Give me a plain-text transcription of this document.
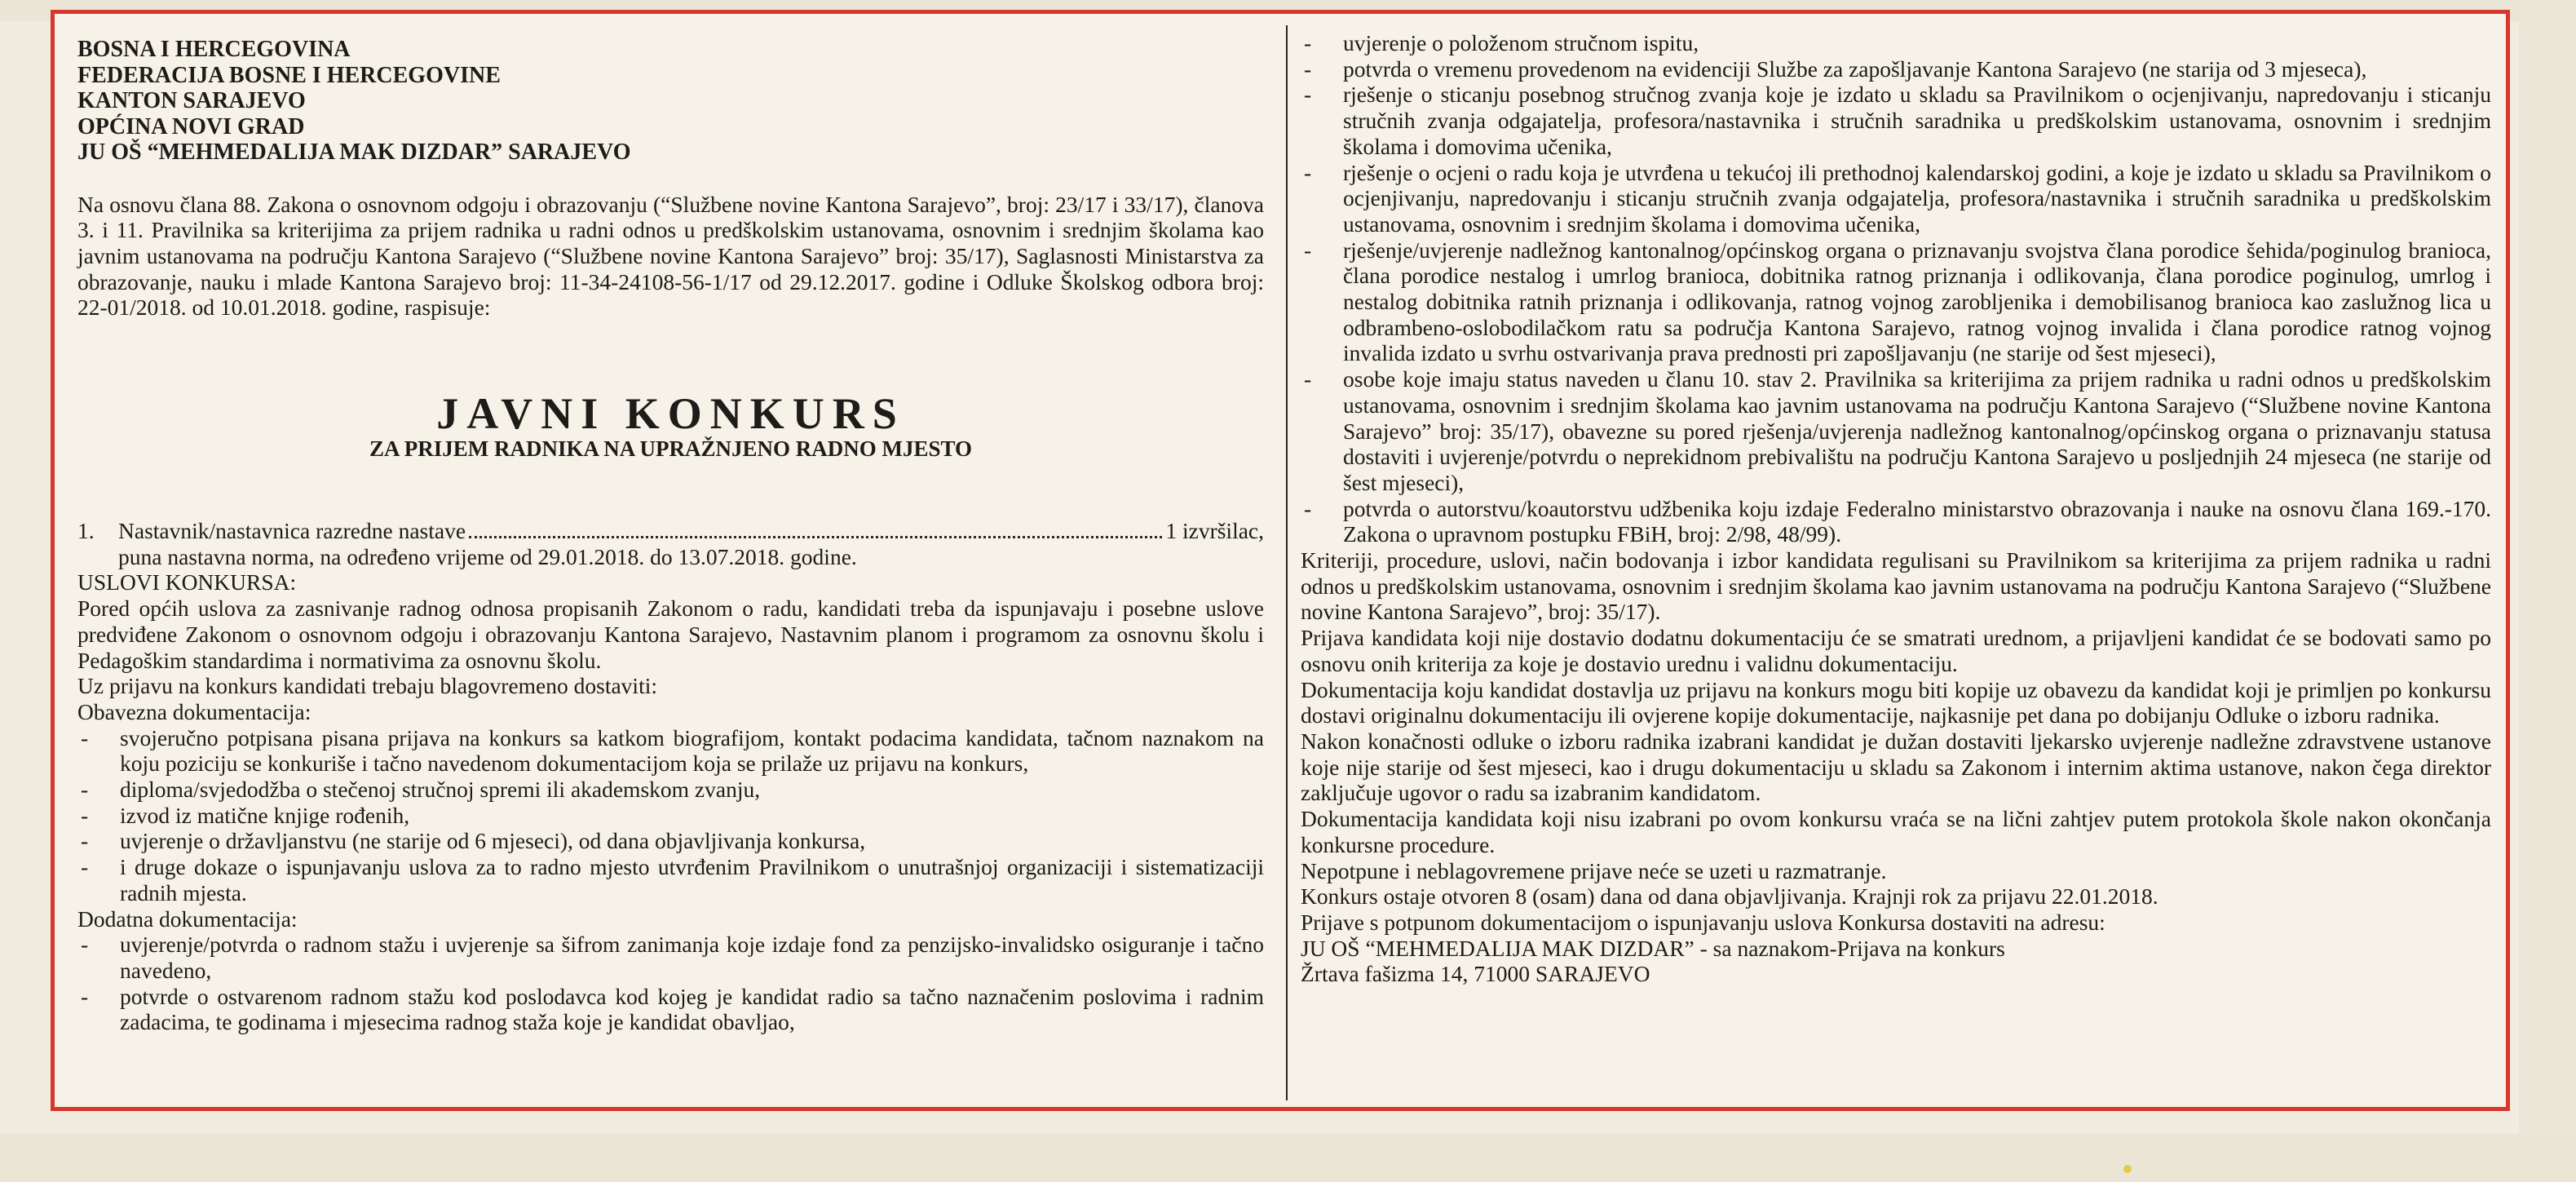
BOSNA I HERCEGOVINA

FEDERACIJA BOSNE I HERCEGOVINE

KANTON SARAJEVO

OPĆINA NOVI GRAD

JU OŠ “MEHMEDALIJA MAK DIZDAR” SARAJEVO

Na osnovu člana 88. Zakona o osnovnom odgoju i obrazovanju (“Službene novine Kantona Sarajevo”, broj: 23/17 i 33/17), članova 3. i 11. Pravilnika sa kriterijima za prijem radnika u radni odnos u predškolskim ustanovama, osnovnim i srednjim školama kao javnim ustanovama na području Kantona Sarajevo (“Službene novine Kantona Sarajevo” broj: 35/17), Saglasnosti Ministarstva za obrazovanje, nauku i mlade Kantona Sarajevo broj: 11-34-24108-56-1/17 od 29.12.2017. godine i Odluke Školskog odbora broj: 22-01/2018. od 10.01.2018. godine, raspisuje:

JAVNI KONKURS

ZA PRIJEM RADNIKA NA UPRAŽNJENO RADNO MJESTO

1.	Nastavnik/nastavnica razredne nastave	1 izvršilac,

puna nastavna norma, na određeno vrijeme od 29.01.2018. do 13.07.2018. godine.

USLOVI KONKURSA:

Pored općih uslova za zasnivanje radnog odnosa propisanih Zakonom o radu, kandidati treba da ispunjavaju i posebne uslove predviđene Zakonom o osnovnom odgoju i obrazovanju Kantona Sarajevo, Nastavnim planom i programom za osnovnu školu i Pedagoškim standardima i normativima za osnovnu školu.

Uz prijavu na konkurs kandidati trebaju blagovremeno dostaviti:

Obavezna dokumentacija:

- svojeručno potpisana pisana prijava na konkurs sa katkom biografijom, kontakt podacima kandidata, tačnom naznakom na koju poziciju se konkuriše i tačno navedenom dokumentacijom koja se prilaže uz prijavu na konkurs,
- diploma/svjedodžba o stečenoj stručnoj spremi ili akademskom zvanju,
- izvod iz matične knjige rođenih,
- uvjerenje o državljanstvu (ne starije od 6 mjeseci), od dana objavljivanja konkursa,
- i druge dokaze o ispunjavanju uslova za to radno mjesto utvrđenim Pravilnikom o unutrašnjoj organizaciji i sistematizaciji radnih mjesta.

Dodatna dokumentacija:

- uvjerenje/potvrda o radnom stažu i uvjerenje sa šifrom zanimanja koje izdaje fond za penzijsko-invalidsko osiguranje i tačno navedeno,
- potvrde o ostvarenom radnom stažu kod poslodavca kod kojeg je kandidat radio sa tačno naznačenim poslovima i radnim zadacima, te godinama i mjesecima radnog staža koje je kandidat obavljao,
- uvjerenje o položenom stručnom ispitu,
- potvrda o vremenu provedenom na evidenciji Službe za zapošljavanje Kantona Sarajevo (ne starija od 3 mjeseca),
- rješenje o sticanju posebnog stručnog zvanja koje je izdato u skladu sa Pravilnikom o ocjenjivanju, napredovanju i sticanju stručnih zvanja odgajatelja, profesora/nastavnika i stručnih saradnika u predškolskim ustanovama, osnovnim i srednjim školama i domovima učenika,
- rješenje o ocjeni o radu koja je utvrđena u tekućoj ili prethodnoj kalendarskoj godini, a koje je izdato u skladu sa Pravilnikom o ocjenjivanju, napredovanju i sticanju stručnih zvanja odgajatelja, profesora/nastavnika i stručnih saradnika u predškolskim ustanovama, osnovnim i srednjim školama i domovima učenika,
- rješenje/uvjerenje nadležnog kantonalnog/općinskog organa o priznavanju svojstva člana porodice šehida/poginulog branioca, člana porodice nestalog i umrlog branioca, dobitnika ratnog priznanja i odlikovanja, člana porodice poginulog, umrlog i nestalog dobitnika ratnih priznanja i odlikovanja, ratnog vojnog zarobljenika i demobilisanog branioca kao zaslužnog lica u odbrambeno-oslobodilačkom ratu sa područja Kantona Sarajevo, ratnog vojnog invalida i člana porodice ratnog vojnog invalida izdato u svrhu ostvarivanja prava prednosti pri zapošljavanju (ne starije od šest mjeseci),
- osobe koje imaju status naveden u članu 10. stav 2. Pravilnika sa kriterijima za prijem radnika u radni odnos u predškolskim ustanovama, osnovnim i srednjim školama kao javnim ustanovama na području Kantona Sarajevo (“Službene novine Kantona Sarajevo” broj: 35/17), obavezne su pored rješenja/uvjerenja nadležnog kantonalnog/općinskog organa o priznavanju statusa dostaviti i uvjerenje/potvrdu o neprekidnom prebivalištu na području Kantona Sarajevo u posljednjih 24 mjeseca (ne starije od šest mjeseci),
- potvrda o autorstvu/koautorstvu udžbenika koju izdaje Federalno ministarstvo obrazovanja i nauke na osnovu člana 169.-170. Zakona o upravnom postupku FBiH, broj: 2/98, 48/99).

Kriteriji, procedure, uslovi, način bodovanja i izbor kandidata regulisani su Pravilnikom sa kriterijima za prijem radnika u radni odnos u predškolskim ustanovama, osnovnim i srednjim školama kao javnim ustanovama na području Kantona Sarajevo (“Službene novine Kantona Sarajevo”, broj: 35/17).

Prijava kandidata koji nije dostavio dodatnu dokumentaciju će se smatrati urednom, a prijavljeni kandidat će se bodovati samo po osnovu onih kriterija za koje je dostavio urednu i validnu dokumentaciju.

Dokumentacija koju kandidat dostavlja uz prijavu na konkurs mogu biti kopije uz obavezu da kandidat koji je primljen po konkursu dostavi originalnu dokumentaciju ili ovjerene kopije dokumentacije, najkasnije pet dana po dobijanju Odluke o izboru radnika.

Nakon konačnosti odluke o izboru radnika izabrani kandidat je dužan dostaviti ljekarsko uvjerenje nadležne zdravstvene ustanove koje nije starije od šest mjeseci, kao i drugu dokumentaciju u skladu sa Zakonom i internim aktima ustanove, nakon čega direktor zaključuje ugovor o radu sa izabranim kandidatom.

Dokumentacija kandidata koji nisu izabrani po ovom konkursu vraća se na lični zahtjev putem protokola škole nakon okončanja konkursne procedure.

Nepotpune i neblagovremene prijave neće se uzeti u razmatranje.

Konkurs ostaje otvoren 8 (osam) dana od dana objavljivanja. Krajnji rok za prijavu 22.01.2018.

Prijave s potpunom dokumentacijom o ispunjavanju uslova Konkursa dostaviti na adresu:

JU OŠ “MEHMEDALIJA MAK DIZDAR” - sa naznakom-Prijava na konkurs

Žrtava fašizma 14, 71000 SARAJEVO
